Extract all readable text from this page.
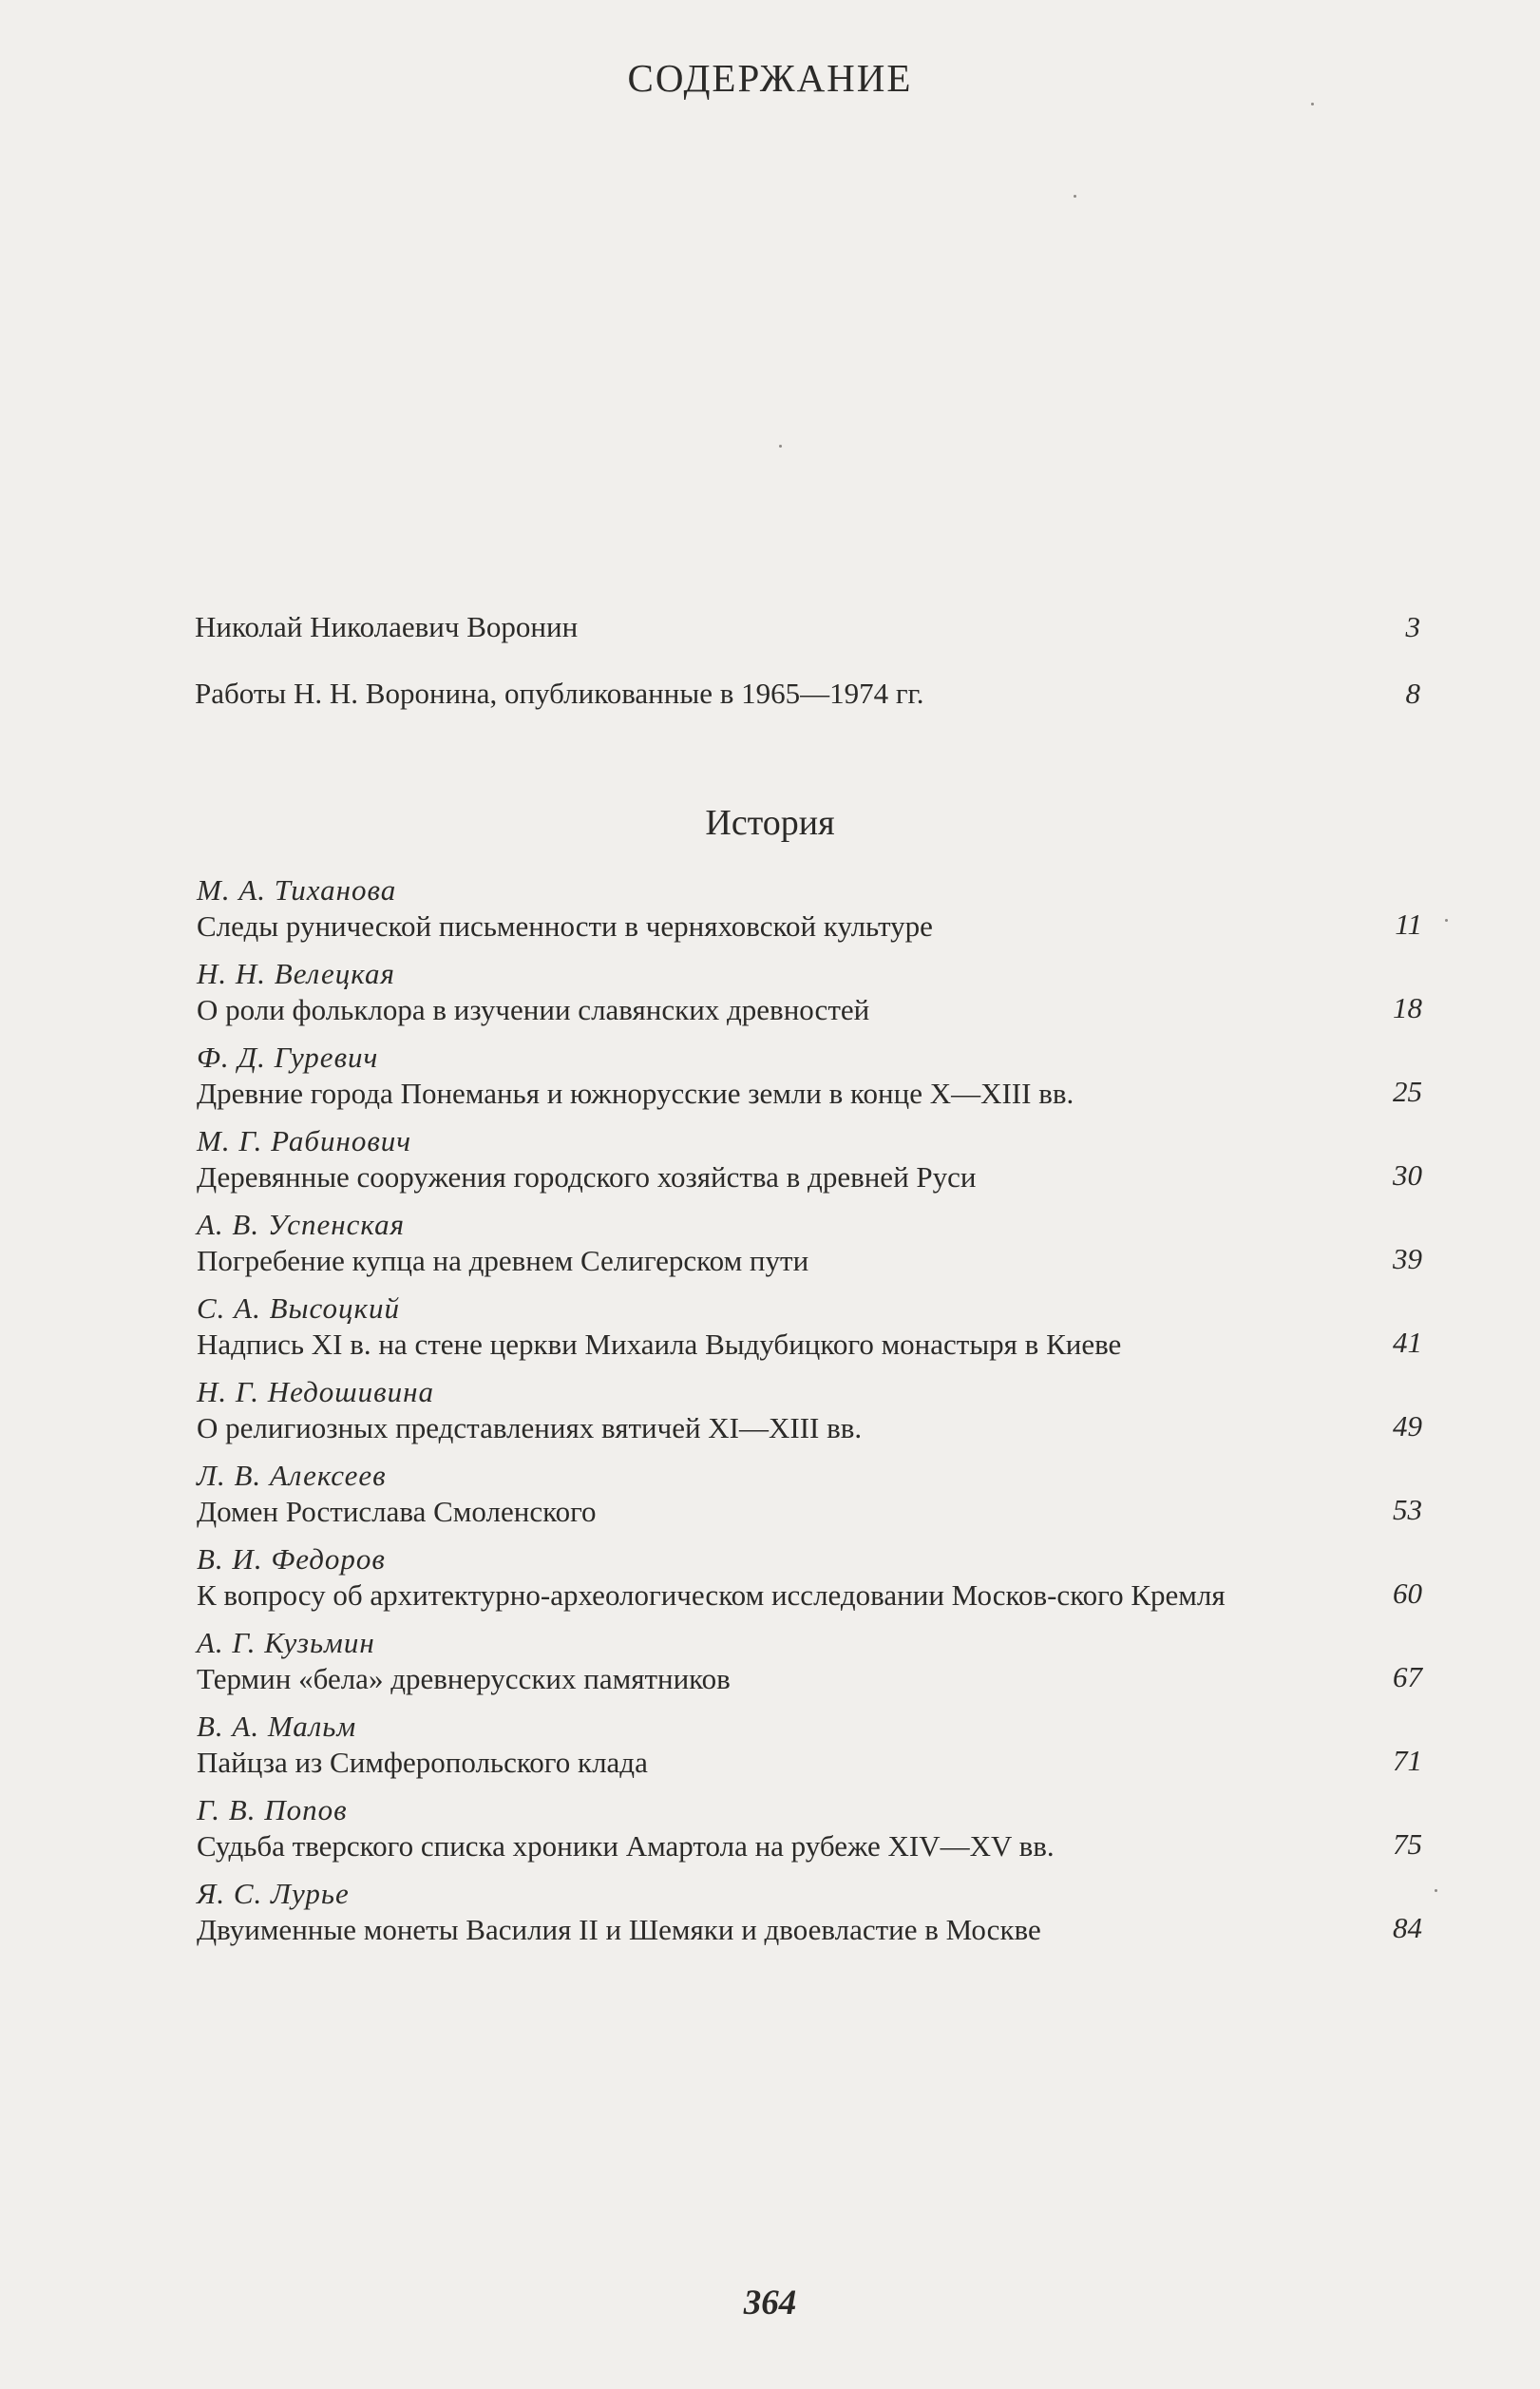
СОДЕРЖАНИЕ
Николай Николаевич Воронин	3
Работы Н. Н. Воронина, опубликованные в 1965—1974 гг.	8
История
М. А. Тиханова
Следы рунической письменности в черняховской культуре	11
Н. Н. Велецкая
О роли фольклора в изучении славянских древностей	18
Ф. Д. Гуревич
Древние города Понеманья и южнорусские земли в конце X—XIII вв.	25
М. Г. Рабинович
Деревянные сооружения городского хозяйства в древней Руси	30
А. В. Успенская
Погребение купца на древнем Селигерском пути	39
С. А. Высоцкий
Надпись XI в. на стене церкви Михаила Выдубицкого монастыря в Киеве	41
Н. Г. Недошивина
О религиозных представлениях вятичей XI—XIII вв.	49
Л. В. Алексеев
Домен Ростислава Смоленского	53
В. И. Федоров
К вопросу об архитектурно-археологическом исследовании Москов-ского Кремля	60
А. Г. Кузьмин
Термин «бела» древнерусских памятников	67
В. А. Мальм
Пайцза из Симферопольского клада	71
Г. В. Попов
Судьба тверского списка хроники Амартола на рубеже XIV—XV вв.	75
Я. С. Лурье
Двуименные монеты Василия II и Шемяки и двоевластие в Москве	84
364
